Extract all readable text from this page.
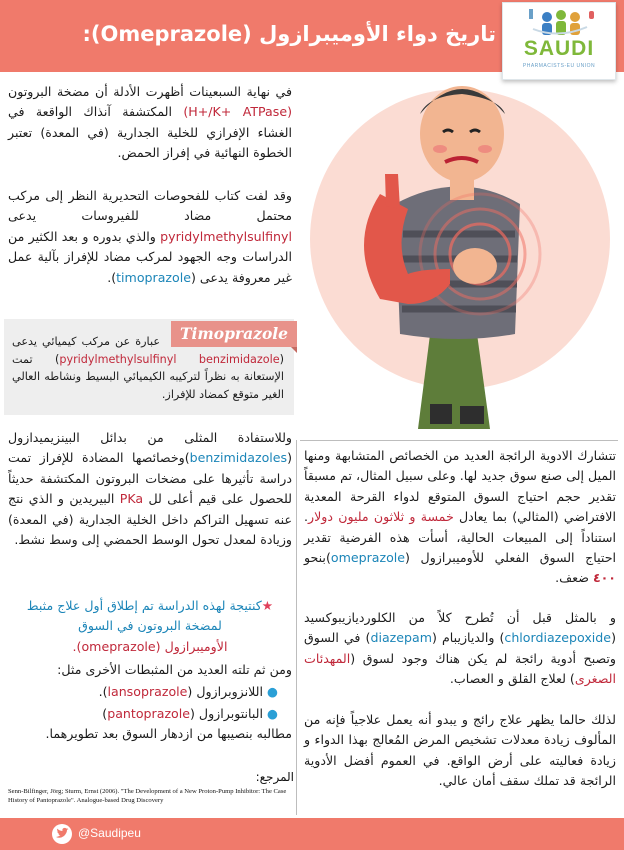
تاريخ دواء الأوميبرازول (Omeprazole):
SAUDI
PHARMACISTS-EU UNION
في نهاية السبعينات أظهرت الأدلة أن مضخة البروتون (H+/K+ ATPase) المكتشفة آنذاك الواقعة في الغشاء الإفرازي للخلية الجدارية (في المعدة) تعتبر الخطوة النهائية في إفراز الحمض.
وقد لفت كتاب للفحوصات التحديرية النظر إلى مركب محتمل مضاد للفيروسات يدعى pyridylmethylsulfinyl والذي بدوره و بعد الكثير من الدراسات وجه الجهود لمركب مضاد للإفراز بآلية عمل غير معروفة يدعى (timoprazole).
Timoprazole
عبارة عن مركب كيميائي يدعى (pyridylmethylsulfinyl benzimidazole) تمت الإستعانة به نظراً لتركيبه الكيميائي البسيط ونشاطه العالي الغير متوقع كمضاد للإفراز.
وللاستفادة المثلى من بدائل البينزيميدازول (benzimidazoles)وخصائصها المضادة للإفراز تمت دراسة تأثيرها على مضخات البروتون المكتشفة حديثاً للحصول على قيم أعلى لل PKa البيريدين و الذي نتج عنه تسهيل التراكم داخل الخلية الجدارية (في المعدة) وزيادة لمعدل تحول الوسط الحمضي إلى وسط نشط.
★كنتيجة لهذه الدراسة تم إطلاق أول علاج مثبط لمضخة البروتون في السوق
الأوميبرازول (omeprazole).
ومن ثم تلته العديد من المثبطات الأخرى مثل:
● اللانزوبرازول (lansoprazole).
● البانتوبرازول (pantoprazole)
مطالبه بنصيبها من ازدهار السوق بعد تطويرهما.
المرجع:
Senn-Bilfinger, Jörg; Sturm, Ernst (2006). "The Development of a New Proton-Pump Inhibitor: The Case History of Pantoprazole". Analogue-based Drug Discovery
تتشارك الادوية الرائجة العديد من الخصائص المتشابهة ومنها الميل إلى صنع سوق جديد لها. وعلى سبيل المثال، تم مسبقاً تقدير حجم احتياج السوق المتوقع لدواء القرحة المعدية الافتراضي (المثالي) بما يعادل خمسة و ثلاثون مليون دولار. استناداً إلى المبيعات الحالية، أسأت هذه الفرضية تقدير احتياج السوق الفعلي للأوميبرازول (omeprazole)بنحو ٤٠٠ ضعف.
و بالمثل قبل أن تُطرح كلاً من الكلورديازيبوكسيد (chlordiazepoxide) والديازيبام (diazepam) في السوق وتصبح أدوية رائجة لم يكن هناك وجود لسوق (المهدئات الصغرى) لعلاج القلق و العصاب.
لذلك حالما يظهر علاج رائج و يبدو أنه يعمل علاجياً فإنه من المألوف زيادة معدلات تشخيص المرض المُعالج بهذا الدواء و زيادة فعاليته على أرض الواقع. في العموم أفضل الأدوية الرائجة قد تملك سقف أمان عالي.
@Saudipeu
